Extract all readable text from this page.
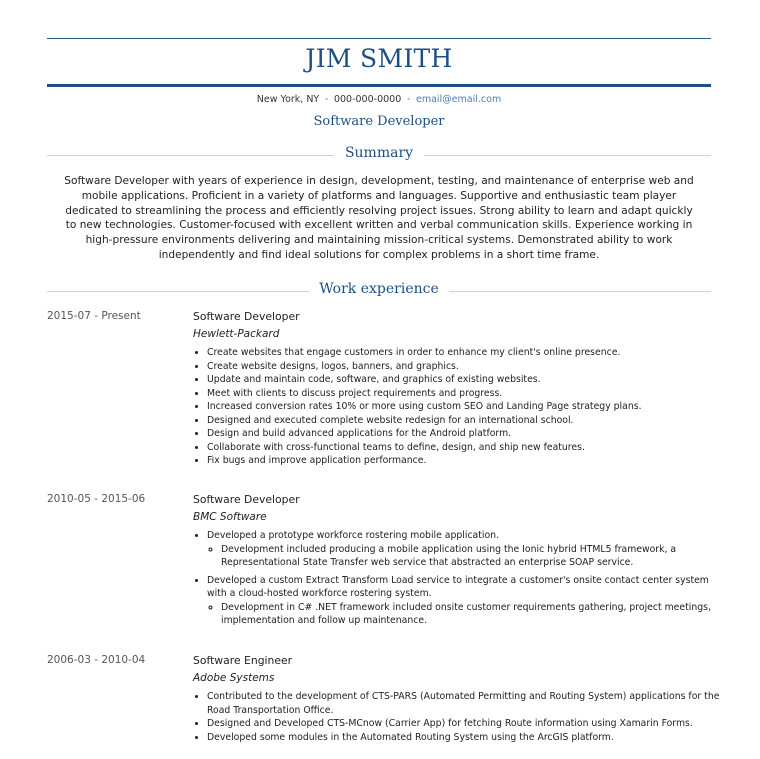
JIM SMITH
New York, NY • 000-000-0000 • email@email.com
Software Developer
Summary
Software Developer with years of experience in design, development, testing, and maintenance of enterprise web and mobile applications. Proficient in a variety of platforms and languages. Supportive and enthusiastic team player dedicated to streamlining the process and efficiently resolving project issues. Strong ability to learn and adapt quickly to new technologies. Customer-focused with excellent written and verbal communication skills. Experience working in high-pressure environments delivering and maintaining mission-critical systems. Demonstrated ability to work independently and find ideal solutions for complex problems in a short time frame.
Work experience
2015-07 - Present	Software Developer
Hewlett-Packard
• Create websites that engage customers in order to enhance my client's online presence.
• Create website designs, logos, banners, and graphics.
• Update and maintain code, software, and graphics of existing websites.
• Meet with clients to discuss project requirements and progress.
• Increased conversion rates 10% or more using custom SEO and Landing Page strategy plans.
• Designed and executed complete website redesign for an international school.
• Design and build advanced applications for the Android platform.
• Collaborate with cross-functional teams to define, design, and ship new features.
• Fix bugs and improve application performance.
2010-05 - 2015-06	Software Developer
BMC Software
• Developed a prototype workforce rostering mobile application.
◦ Development included producing a mobile application using the Ionic hybrid HTML5 framework, a Representational State Transfer web service that abstracted an enterprise SOAP service.
• Developed a custom Extract Transform Load service to integrate a customer's onsite contact center system with a cloud-hosted workforce rostering system.
◦ Development in C# .NET framework included onsite customer requirements gathering, project meetings, implementation and follow up maintenance.
2006-03 - 2010-04	Software Engineer
Adobe Systems
• Contributed to the development of CTS-PARS (Automated Permitting and Routing System) applications for the Road Transportation Office.
• Designed and Developed CTS-MCnow (Carrier App) for fetching Route information using Xamarin Forms.
• Developed some modules in the Automated Routing System using the ArcGIS platform.
